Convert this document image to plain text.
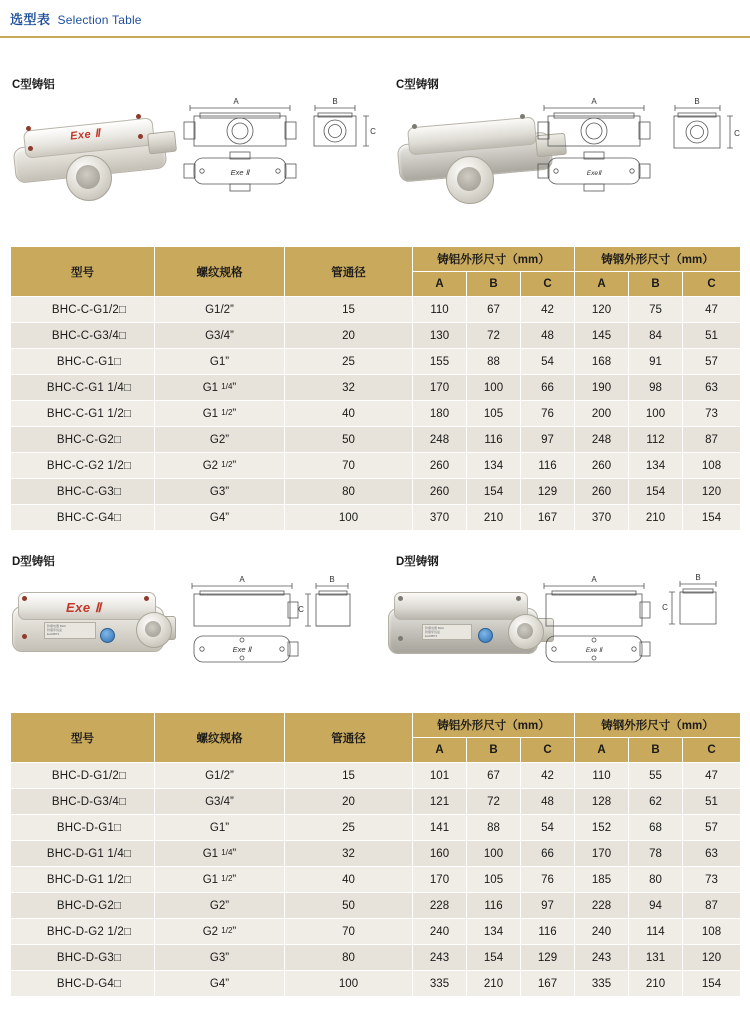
选型表 Selection Table
C型铸铝	C型铸钢
Exe Ⅱ
A	B
C
Exe Ⅱ
A	B
C
ExeⅡ
型号	螺纹规格	管通径	铸铝外形尺寸（mm）			铸钢外形尺寸（mm）		
			A	B	C	A	B	C
BHC-C-G1/2□	G1/2”	15	110	67	42	120	75	47
BHC-C-G3/4□	G3/4”	20	130	72	48	145	84	51
BHC-C-G1□	G1”	25	155	88	54	168	91	57
BHC-C-G1 1/4□	G1 1/4”	32	170	100	66	190	98	63
BHC-C-G1 1/2□	G1 1/2”	40	180	105	76	200	100	73
BHC-C-G2□	G2”	50	248	116	97	248	112	87
BHC-C-G2 1/2□	G2 1/2”	70	260	134	116	260	134	108
BHC-C-G3□	G3”	80	260	154	129	260	154	120
BHC-C-G4□	G4”	100	370	210	167	370	210	154
D型铸铝	D型铸钢
Exe Ⅱ
防爆电器 BHC
防爆穿线盒
ExdⅡBT4
A	B
C
Exe Ⅱ
防爆电器 BHC
防爆穿线盒
ExdⅡBT4
A	B
C
Exe Ⅱ
型号	螺纹规格	管通径	铸铝外形尺寸（mm）			铸钢外形尺寸（mm）		
			A	B	C	A	B	C
BHC-D-G1/2□	G1/2”	15	101	67	42	110	55	47
BHC-D-G3/4□	G3/4”	20	121	72	48	128	62	51
BHC-D-G1□	G1”	25	141	88	54	152	68	57
BHC-D-G1 1/4□	G1 1/4”	32	160	100	66	170	78	63
BHC-D-G1 1/2□	G1 1/2”	40	170	105	76	185	80	73
BHC-D-G2□	G2”	50	228	116	97	228	94	87
BHC-D-G2 1/2□	G2 1/2”	70	240	134	116	240	114	108
BHC-D-G3□	G3”	80	243	154	129	243	131	120
BHC-D-G4□	G4”	100	335	210	167	335	210	154
